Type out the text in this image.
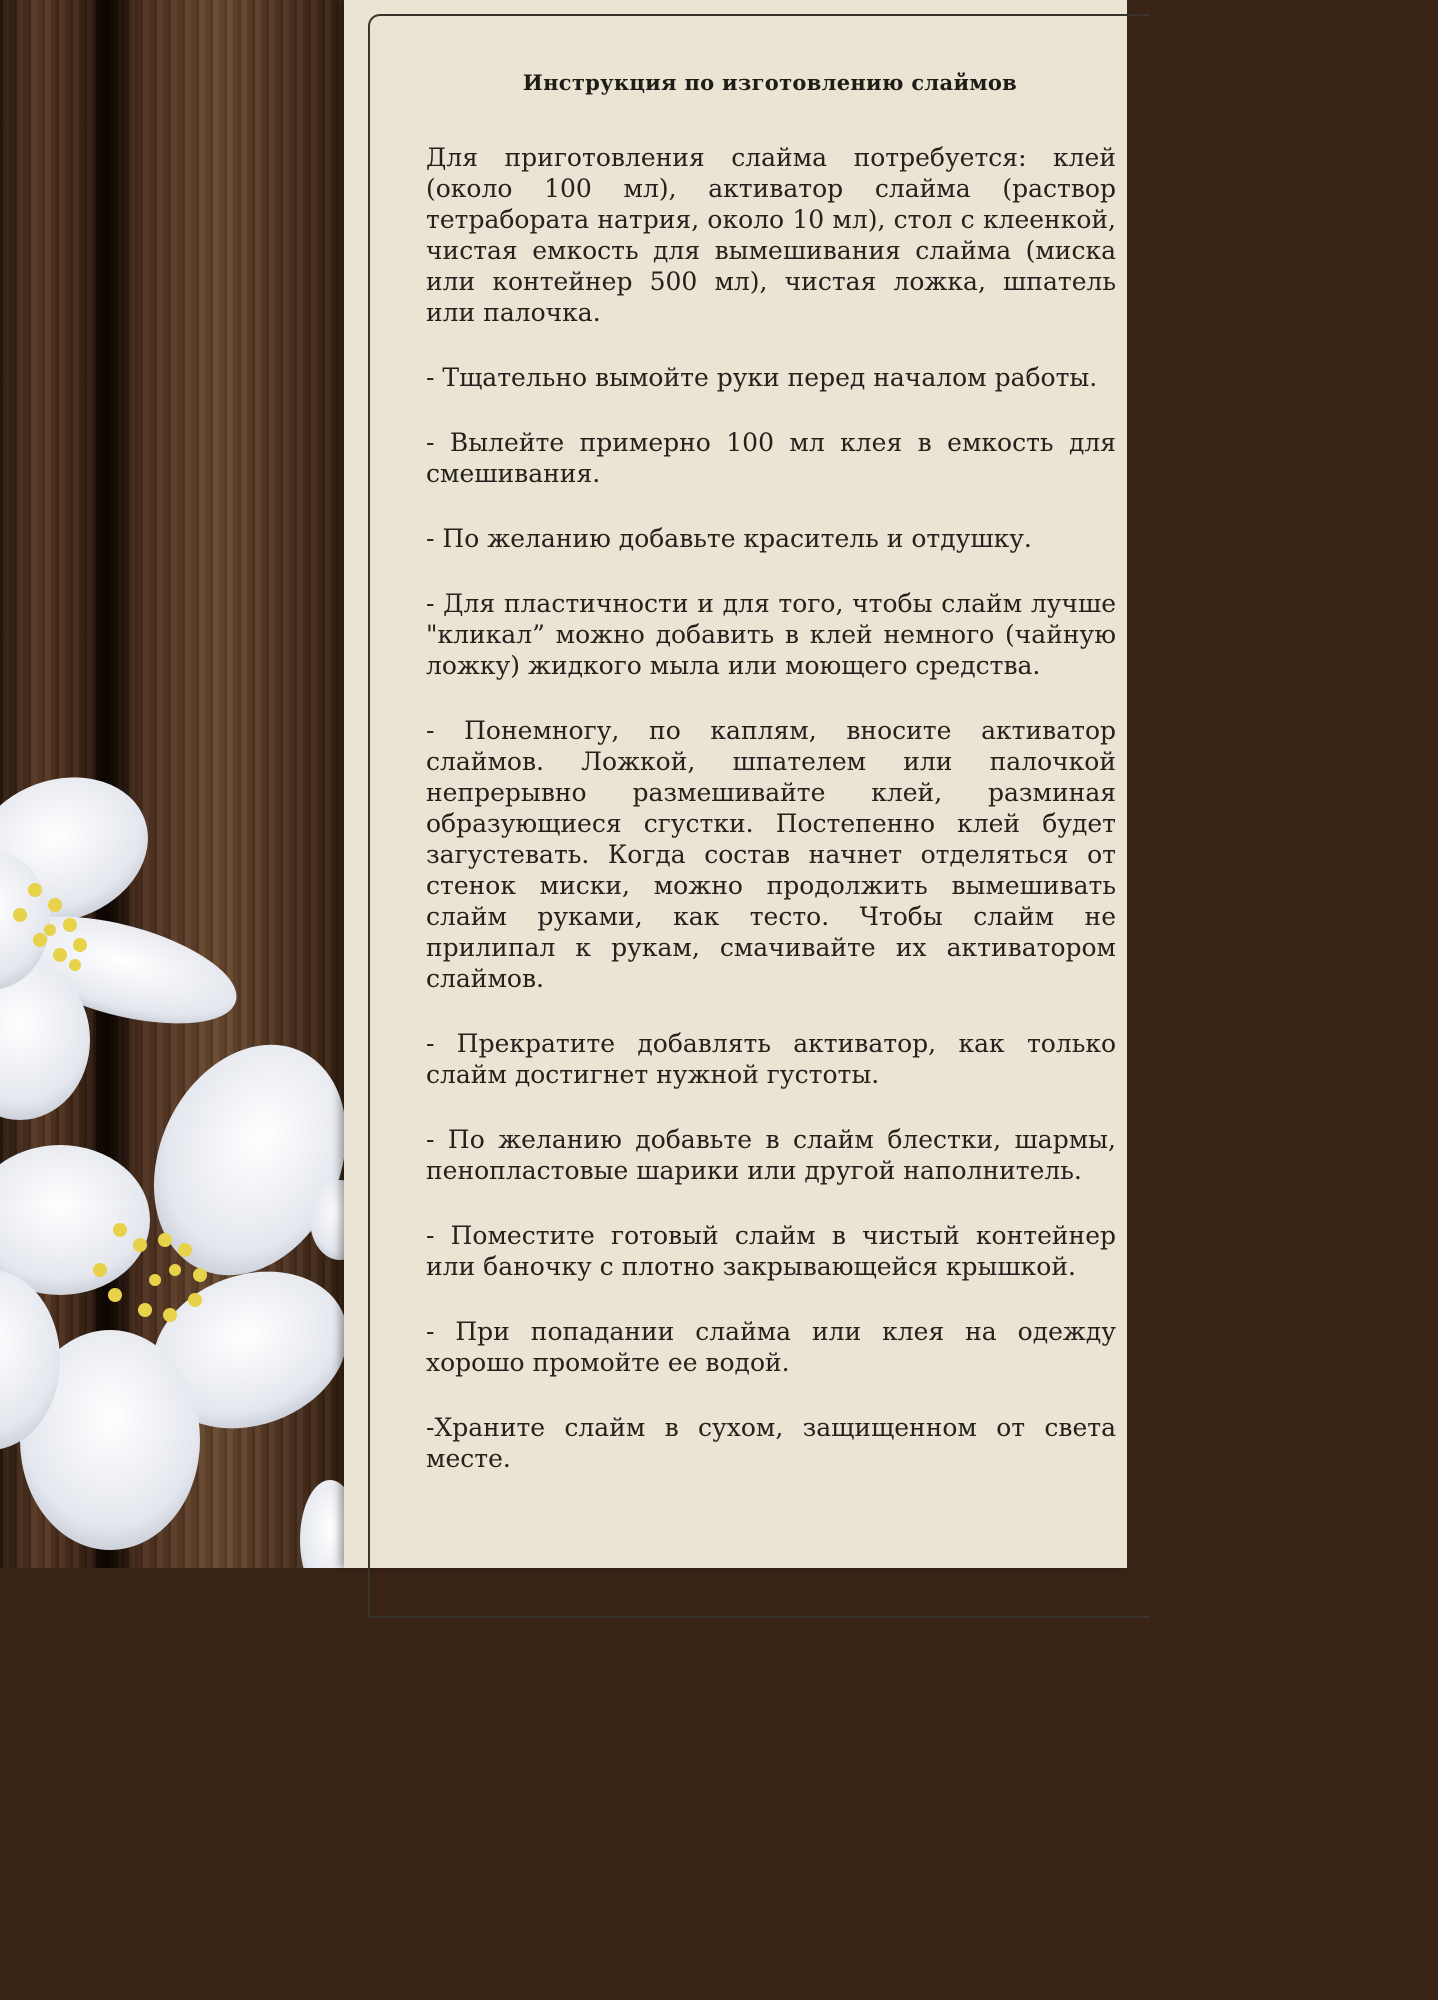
Инструкция по изготовлению слаймов

Для приготовления слайма потребуется: клей (около 100 мл), активатор слайма (раствор тетрабората натрия, около 10 мл), стол с клеенкой, чистая емкость для вымешивания слайма (миска или контейнер 500 мл), чистая ложка, шпатель или палочка.

- Тщательно вымойте руки перед началом работы.

- Вылейте примерно 100 мл клея в емкость для смешивания.

- По желанию добавьте краситель и отдушку.

- Для пластичности и для того, чтобы слайм лучше "кликал” можно добавить в клей немного (чайную ложку) жидкого мыла или моющего средства.

- Понемногу, по каплям, вносите активатор слаймов. Ложкой, шпателем или палочкой непрерывно размешивайте клей, разминая образующиеся сгустки. Постепенно клей будет загустевать. Когда состав начнет отделяться от стенок миски, можно продолжить вымешивать слайм руками, как тесто. Чтобы слайм не прилипал к рукам, смачивайте их активатором слаймов.

- Прекратите добавлять активатор, как только слайм достигнет нужной густоты.

- По желанию добавьте в слайм блестки, шармы, пенопластовые шарики или другой наполнитель.

- Поместите готовый слайм в чистый контейнер или баночку с плотно закрывающейся крышкой.

- При попадании слайма или клея на одежду хорошо промойте ее водой.

-Храните слайм в сухом, защищенном от света месте.
